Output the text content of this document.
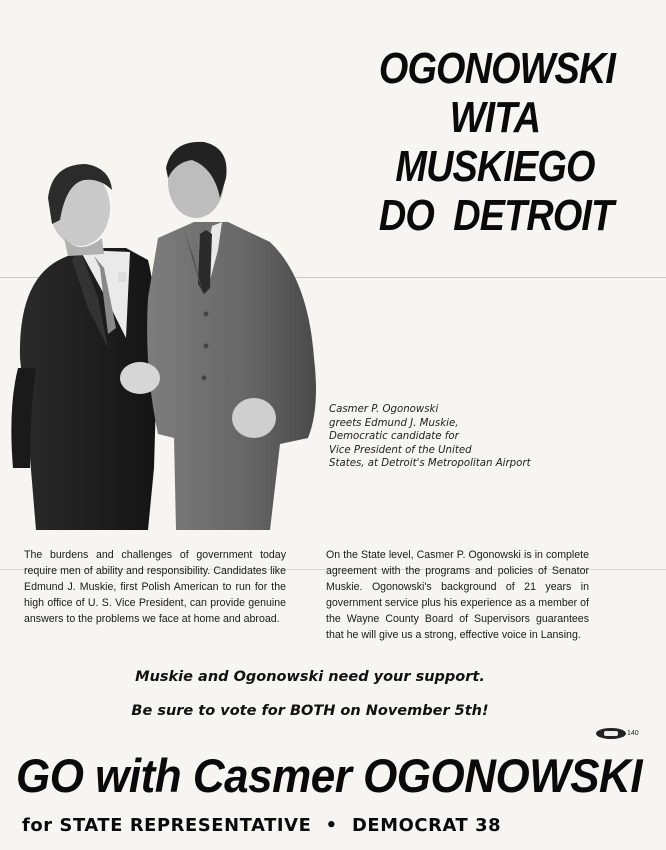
OGONOWSKI
WITA
MUSKIEGO
DO  DETROIT
Casmer P. Ogonowski
greets Edmund J. Muskie,
Democratic candidate for
Vice President of the United
States, at Detroit's Metropolitan Airport
The burdens and challenges of government today require men of ability and responsibility. Candidates like Edmund J. Muskie, first Polish American to run for the high office of U. S. Vice President, can provide genuine answers to the problems we face at home and abroad.
On the State level, Casmer P. Ogonowski is in complete agreement with the programs and policies of Senator Muskie. Ogonowski's background of 21 years in government service plus his experience as a member of the Wayne County Board of Supervisors guarantees that he will give us a strong, effective voice in Lansing.
Muskie and Ogonowski need your support.
Be sure to vote for BOTH on November 5th!
140
GO with Casmer OGONOWSKI
for STATE REPRESENTATIVE • DEMOCRAT 38
